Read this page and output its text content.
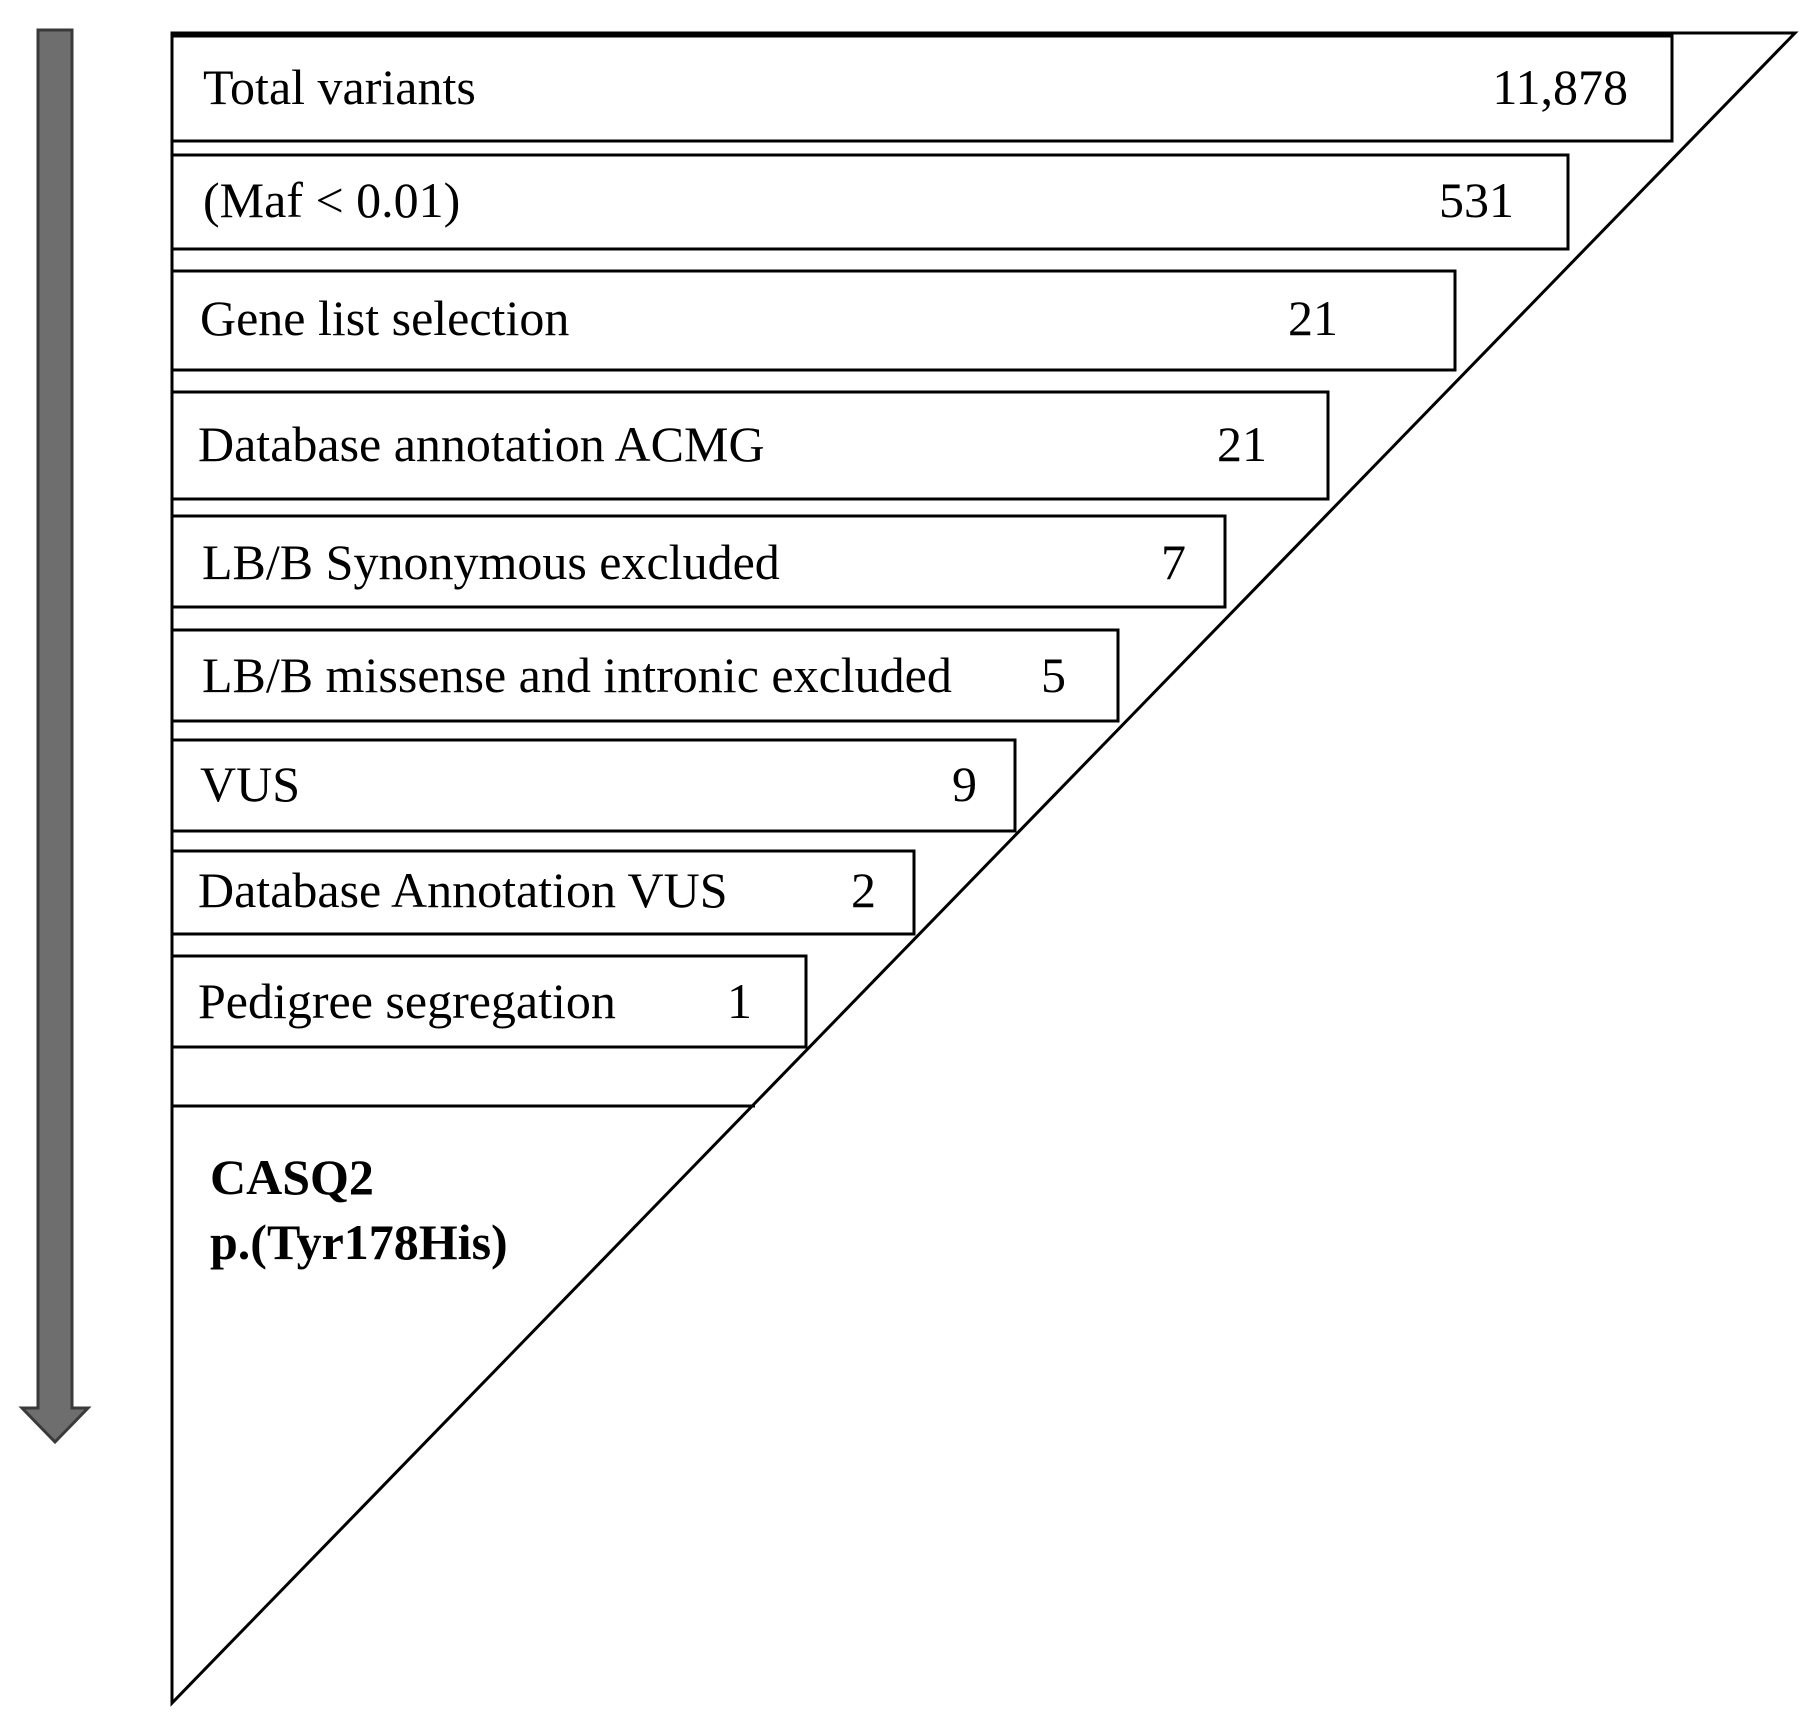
Total variants	11,878
(Maf < 0.01)	531
Gene list selection	21
Database annotation ACMG	21
LB/B Synonymous excluded	7
LB/B missense and intronic excluded 5
VUS	9
Database Annotation VUS 2
Pedigree segregation 1
CASQ2
p.(Tyr178His)
